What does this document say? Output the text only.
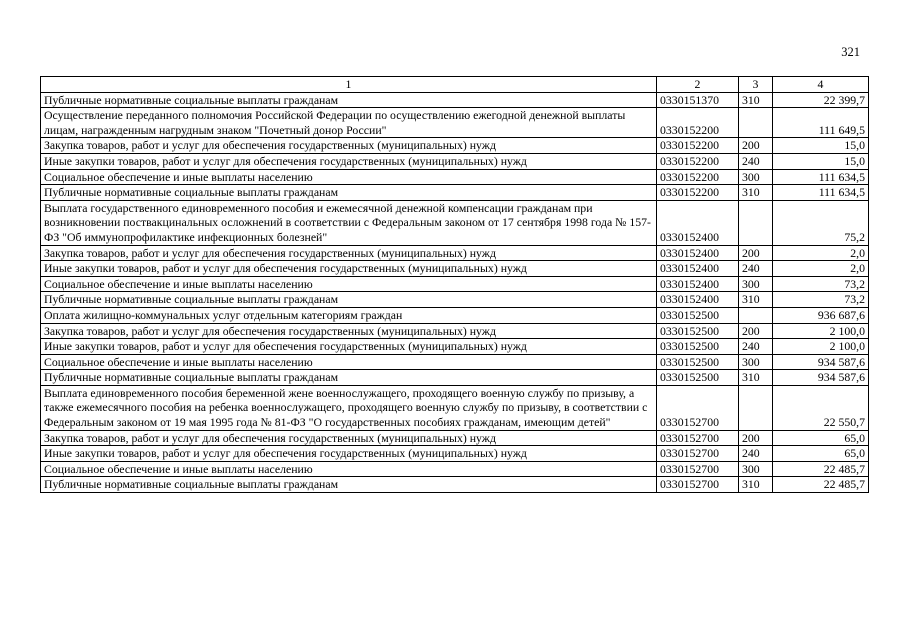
321
1	2	3	4
Публичные нормативные социальные выплаты гражданам	0330151370	310	22 399,7
Осуществление переданного полномочия Российской Федерации по осуществлению ежегодной денежной выплаты лицам, награжденным нагрудным знаком "Почетный донор России"	0330152200		111 649,5
Закупка товаров, работ и услуг для обеспечения государственных (муниципальных) нужд	0330152200	200	15,0
Иные закупки товаров, работ и услуг для обеспечения государственных (муниципальных) нужд	0330152200	240	15,0
Социальное обеспечение и иные выплаты населению	0330152200	300	111 634,5
Публичные нормативные социальные выплаты гражданам	0330152200	310	111 634,5
Выплата государственного единовременного пособия и ежемесячной денежной компенсации гражданам при возникновении поствакцинальных осложнений в соответствии с Федеральным законом от 17 сентября 1998 года № 157-ФЗ "Об иммунопрофилактике инфекционных болезней"	0330152400		75,2
Закупка товаров, работ и услуг для обеспечения государственных (муниципальных) нужд	0330152400	200	2,0
Иные закупки товаров, работ и услуг для обеспечения государственных (муниципальных) нужд	0330152400	240	2,0
Социальное обеспечение и иные выплаты населению	0330152400	300	73,2
Публичные нормативные социальные выплаты гражданам	0330152400	310	73,2
Оплата жилищно-коммунальных услуг отдельным категориям граждан	0330152500		936 687,6
Закупка товаров, работ и услуг для обеспечения государственных (муниципальных) нужд	0330152500	200	2 100,0
Иные закупки товаров, работ и услуг для обеспечения государственных (муниципальных) нужд	0330152500	240	2 100,0
Социальное обеспечение и иные выплаты населению	0330152500	300	934 587,6
Публичные нормативные социальные выплаты гражданам	0330152500	310	934 587,6
Выплата единовременного пособия беременной жене военнослужащего, проходящего военную службу по призыву, а также ежемесячного пособия на ребенка военнослужащего, проходящего военную службу по призыву, в соответствии с Федеральным законом от 19 мая 1995 года № 81-ФЗ "О государственных пособиях гражданам, имеющим детей"	0330152700		22 550,7
Закупка товаров, работ и услуг для обеспечения государственных (муниципальных) нужд	0330152700	200	65,0
Иные закупки товаров, работ и услуг для обеспечения государственных (муниципальных) нужд	0330152700	240	65,0
Социальное обеспечение и иные выплаты населению	0330152700	300	22 485,7
Публичные нормативные социальные выплаты гражданам	0330152700	310	22 485,7
